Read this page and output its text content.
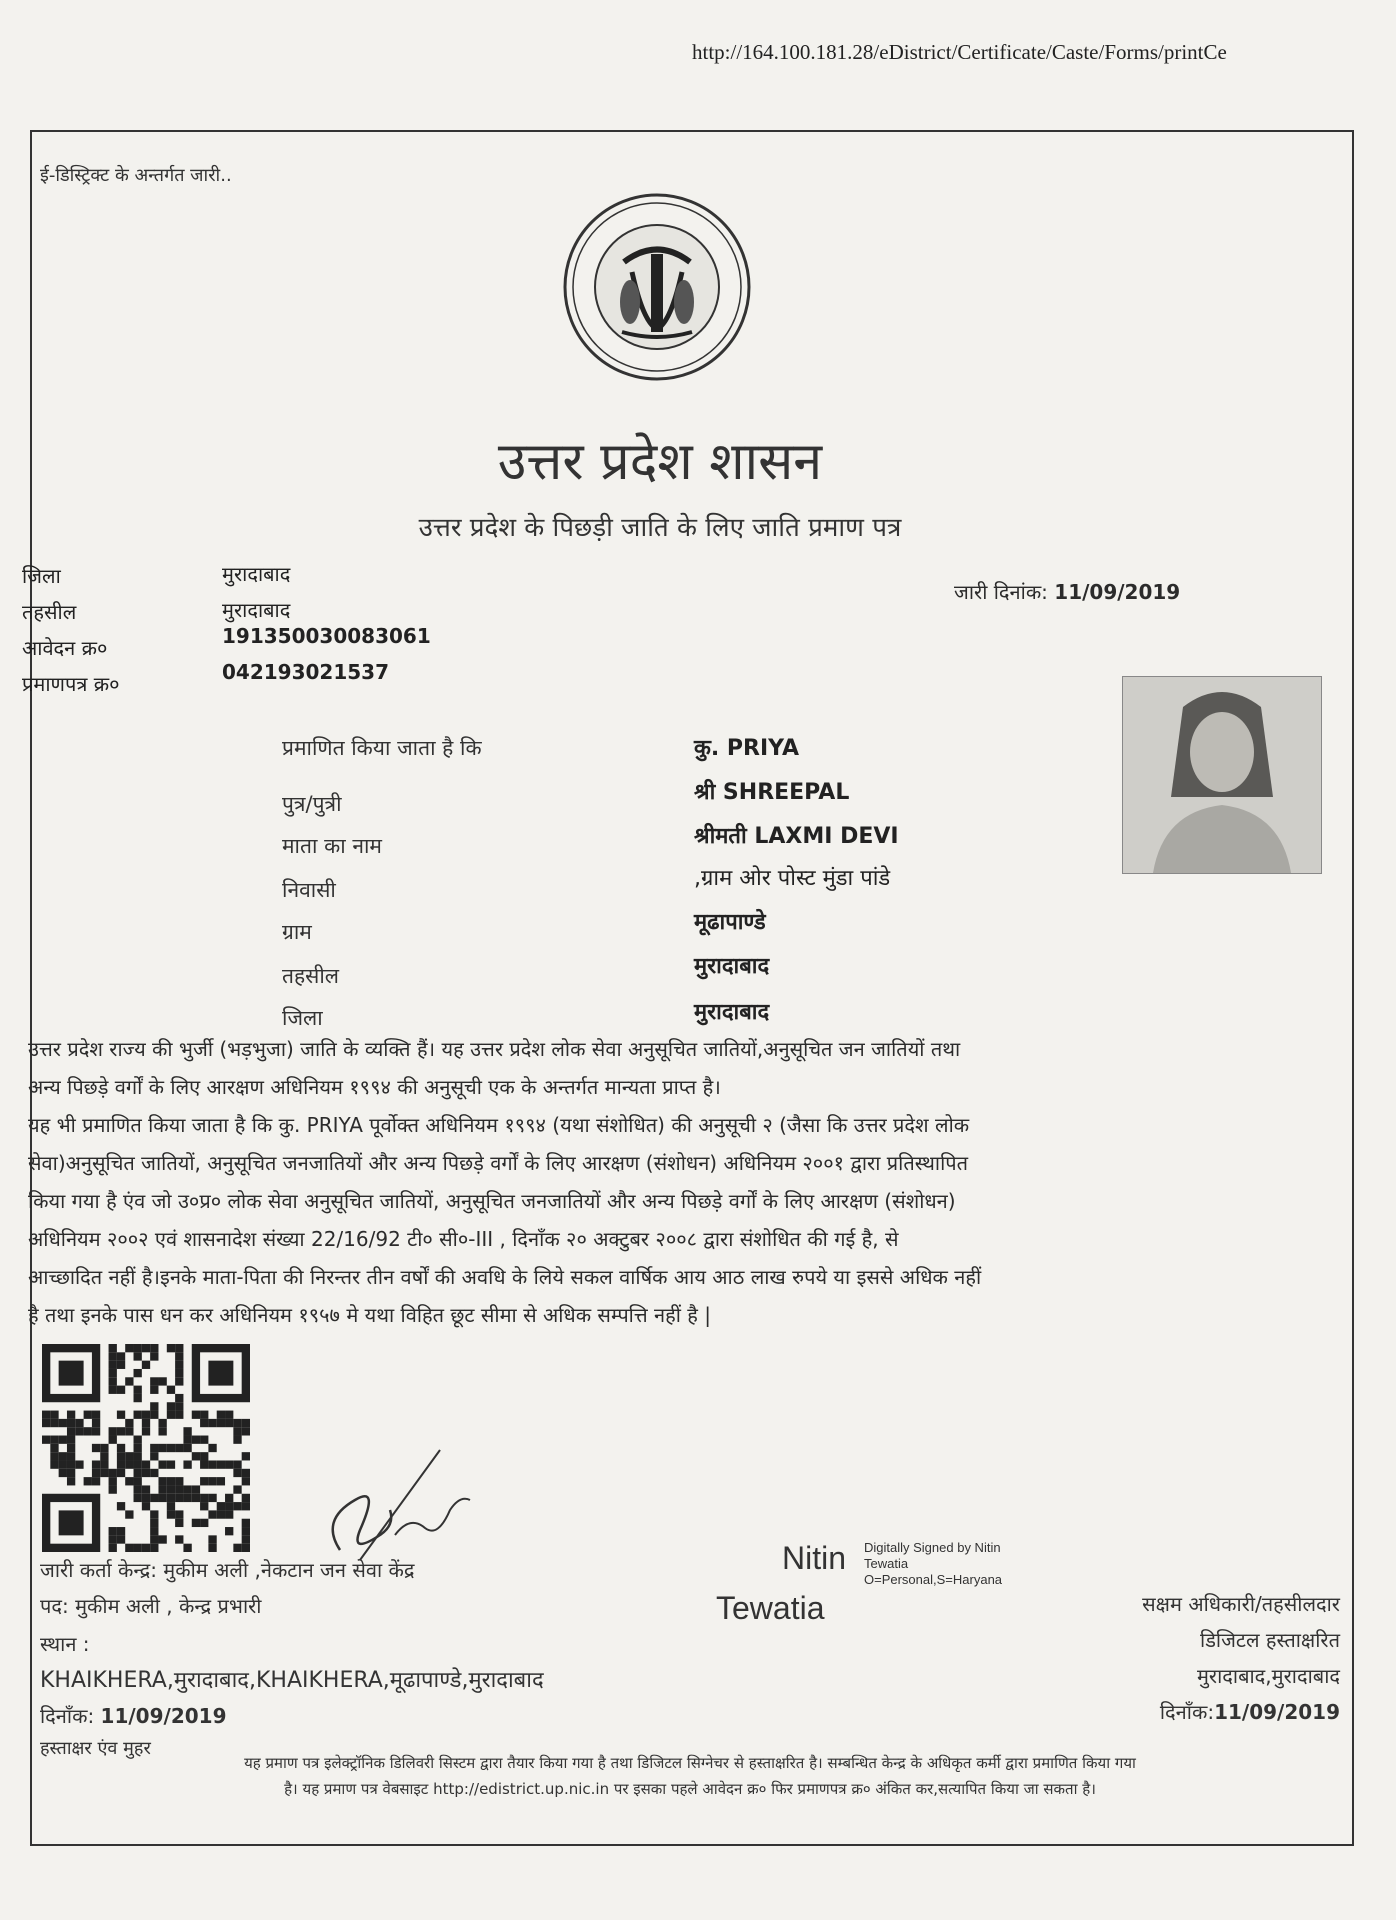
http://164.100.181.28/eDistrict/Certificate/Caste/Forms/printCe
ई-डिस्ट्रिक्ट के अन्तर्गत जारी..
उत्तर प्रदेश शासन
उत्तर प्रदेश के पिछड़ी जाति के लिए जाति प्रमाण पत्र
जिला	मुरादाबाद
तहसील	मुरादाबाद
आवेदन क्र०	191350030083061
प्रमाणपत्र क्र०	042193021537
जारी दिनांक: 11/09/2019
प्रमाणित किया जाता है कि	कु. PRIYA
पुत्र/पुत्री	श्री SHREEPAL
माता का नाम	श्रीमती LAXMI DEVI
निवासी	,ग्राम ओर पोस्ट मुंडा पांडे
ग्राम	मूढापाण्डे
तहसील	मुरादाबाद
जिला	मुरादाबाद
उत्तर प्रदेश राज्य की भुर्जी (भड़भुजा) जाति के व्यक्ति हैं। यह उत्तर प्रदेश लोक सेवा अनुसूचित जातियों,अनुसूचित जन जातियों तथा
अन्य पिछड़े वर्गों के लिए आरक्षण अधिनियम १९९४ की अनुसूची एक के अन्तर्गत मान्यता प्राप्त है।
यह भी प्रमाणित किया जाता है कि कु. PRIYA पूर्वोक्त अधिनियम १९९४ (यथा संशोधित) की अनुसूची २ (जैसा कि उत्तर प्रदेश लोक
सेवा)अनुसूचित जातियों, अनुसूचित जनजातियों और अन्य पिछड़े वर्गों के लिए आरक्षण (संशोधन) अधिनियम २००१ द्वारा प्रतिस्थापित
किया गया है एंव जो उ०प्र० लोक सेवा अनुसूचित जातियों, अनुसूचित जनजातियों और अन्य पिछड़े वर्गों के लिए आरक्षण (संशोधन)
अधिनियम २००२ एवं शासनादेश संख्या 22/16/92 टी० सी०-III , दिनाँक २० अक्टुबर २००८ द्वारा संशोधित की गई है, से
आच्छादित नहीं है।इनके माता-पिता की निरन्तर तीन वर्षों की अवधि के लिये सकल वार्षिक आय आठ लाख रुपये या इससे अधिक नहीं
है तथा इनके पास धन कर अधिनियम १९५७ मे यथा विहित छूट सीमा से अधिक सम्पत्ति नहीं है |
जारी कर्ता केन्द्र: मुकीम अली ,नेकटान जन सेवा केंद्र
पद: मुकीम अली , केन्द्र प्रभारी
स्थान :
KHAIKHERA,मुरादाबाद,KHAIKHERA,मूढापाण्डे,मुरादाबाद
दिनाँक: 11/09/2019
हस्ताक्षर एंव मुहर
Nitin
Tewatia
Digitally Signed by Nitin
Tewatia
O=Personal,S=Haryana
सक्षम अधिकारी/तहसीलदार
डिजिटल हस्ताक्षरित
मुरादाबाद,मुरादाबाद
दिनाँक:11/09/2019
यह प्रमाण पत्र इलेक्ट्रॉनिक डिलिवरी सिस्टम द्वारा तैयार किया गया है तथा डिजिटल सिग्नेचर से हस्ताक्षरित है। सम्बन्धित केन्द्र के अधिकृत कर्मी द्वारा प्रमाणित किया गया
है। यह प्रमाण पत्र वेबसाइट http://edistrict.up.nic.in पर इसका पहले आवेदन क्र० फिर प्रमाणपत्र क्र० अंकित कर,सत्यापित किया जा सकता है।
